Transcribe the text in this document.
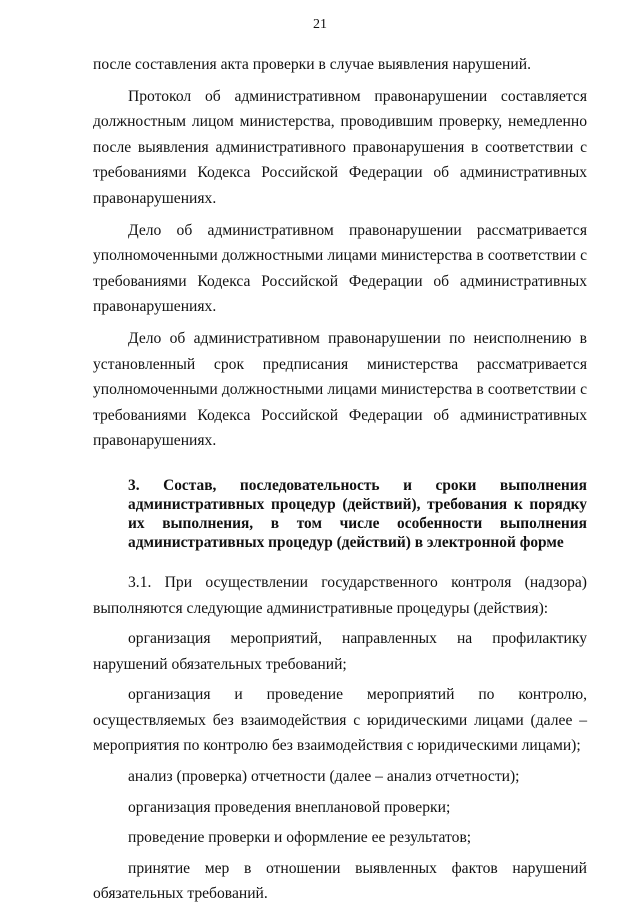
21

после составления акта проверки в случае выявления нарушений.

Протокол об административном правонарушении составляется должностным лицом министерства, проводившим проверку, немедленно после выявления административного правонарушения в соответствии с требованиями Кодекса Российской Федерации об административных правонарушениях.

Дело об административном правонарушении рассматривается уполномоченными должностными лицами министерства в соответствии с требованиями Кодекса Российской Федерации об административных правонарушениях.

Дело об административном правонарушении по неисполнению в установленный срок предписания министерства рассматривается уполномоченными должностными лицами министерства в соответствии с требованиями Кодекса Российской Федерации об административных правонарушениях.

3. Состав, последовательность и сроки выполнения
административных процедур (действий), требования к порядку
их выполнения, в том числе особенности выполнения
административных процедур (действий) в электронной форме

3.1. При осуществлении государственного контроля (надзора) выполняются следующие административные процедуры (действия):

организация мероприятий, направленных на профилактику нарушений обязательных требований;

организация и проведение мероприятий по контролю, осуществляемых без взаимодействия с юридическими лицами (далее – мероприятия по контролю без взаимодействия с юридическими лицами);

анализ (проверка) отчетности (далее – анализ отчетности);

организация проведения внеплановой проверки;

проведение проверки и оформление ее результатов;

принятие мер в отношении выявленных фактов нарушений обязательных требований.
